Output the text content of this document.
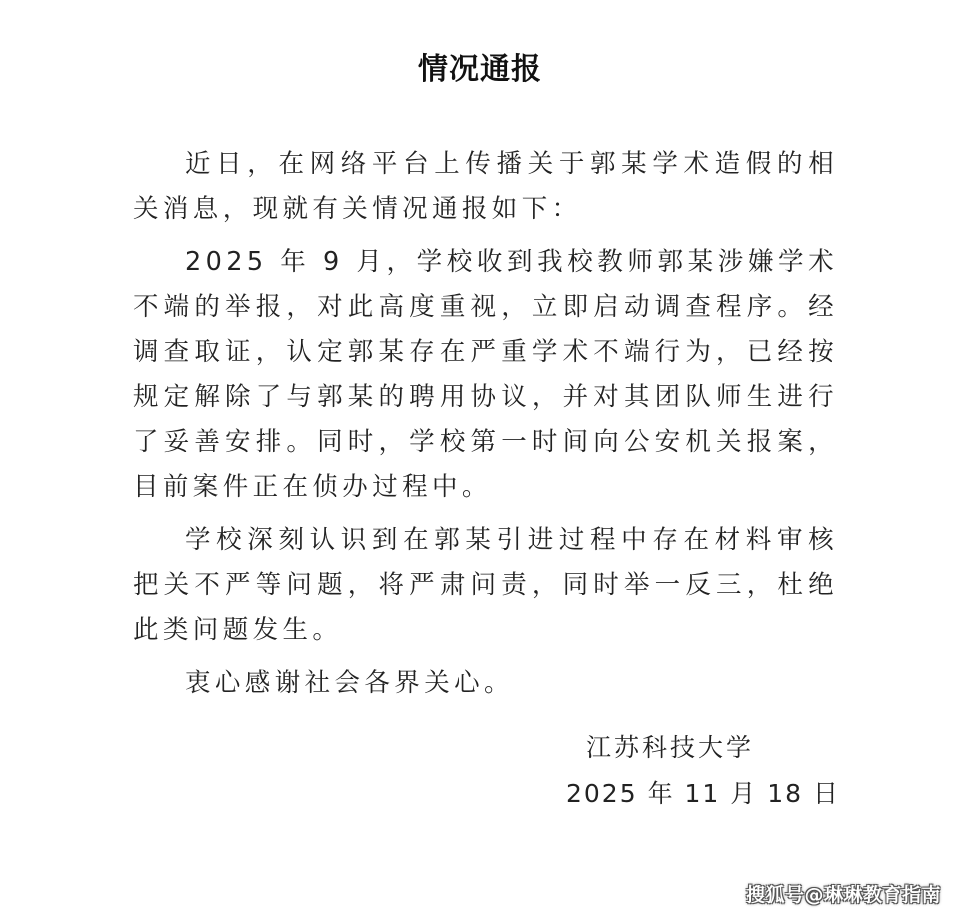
情况通报

近日，在网络平台上传播关于郭某学术造假的相关消息，现就有关情况通报如下：

2025 年 9 月，学校收到我校教师郭某涉嫌学术不端的举报，对此高度重视，立即启动调查程序。经调查取证，认定郭某存在严重学术不端行为，已经按规定解除了与郭某的聘用协议，并对其团队师生进行了妥善安排。同时，学校第一时间向公安机关报案，目前案件正在侦办过程中。

学校深刻认识到在郭某引进过程中存在材料审核把关不严等问题，将严肃问责，同时举一反三，杜绝此类问题发生。

衷心感谢社会各界关心。

江苏科技大学
2025 年 11 月 18 日
搜狐号@琳琳教育指南
